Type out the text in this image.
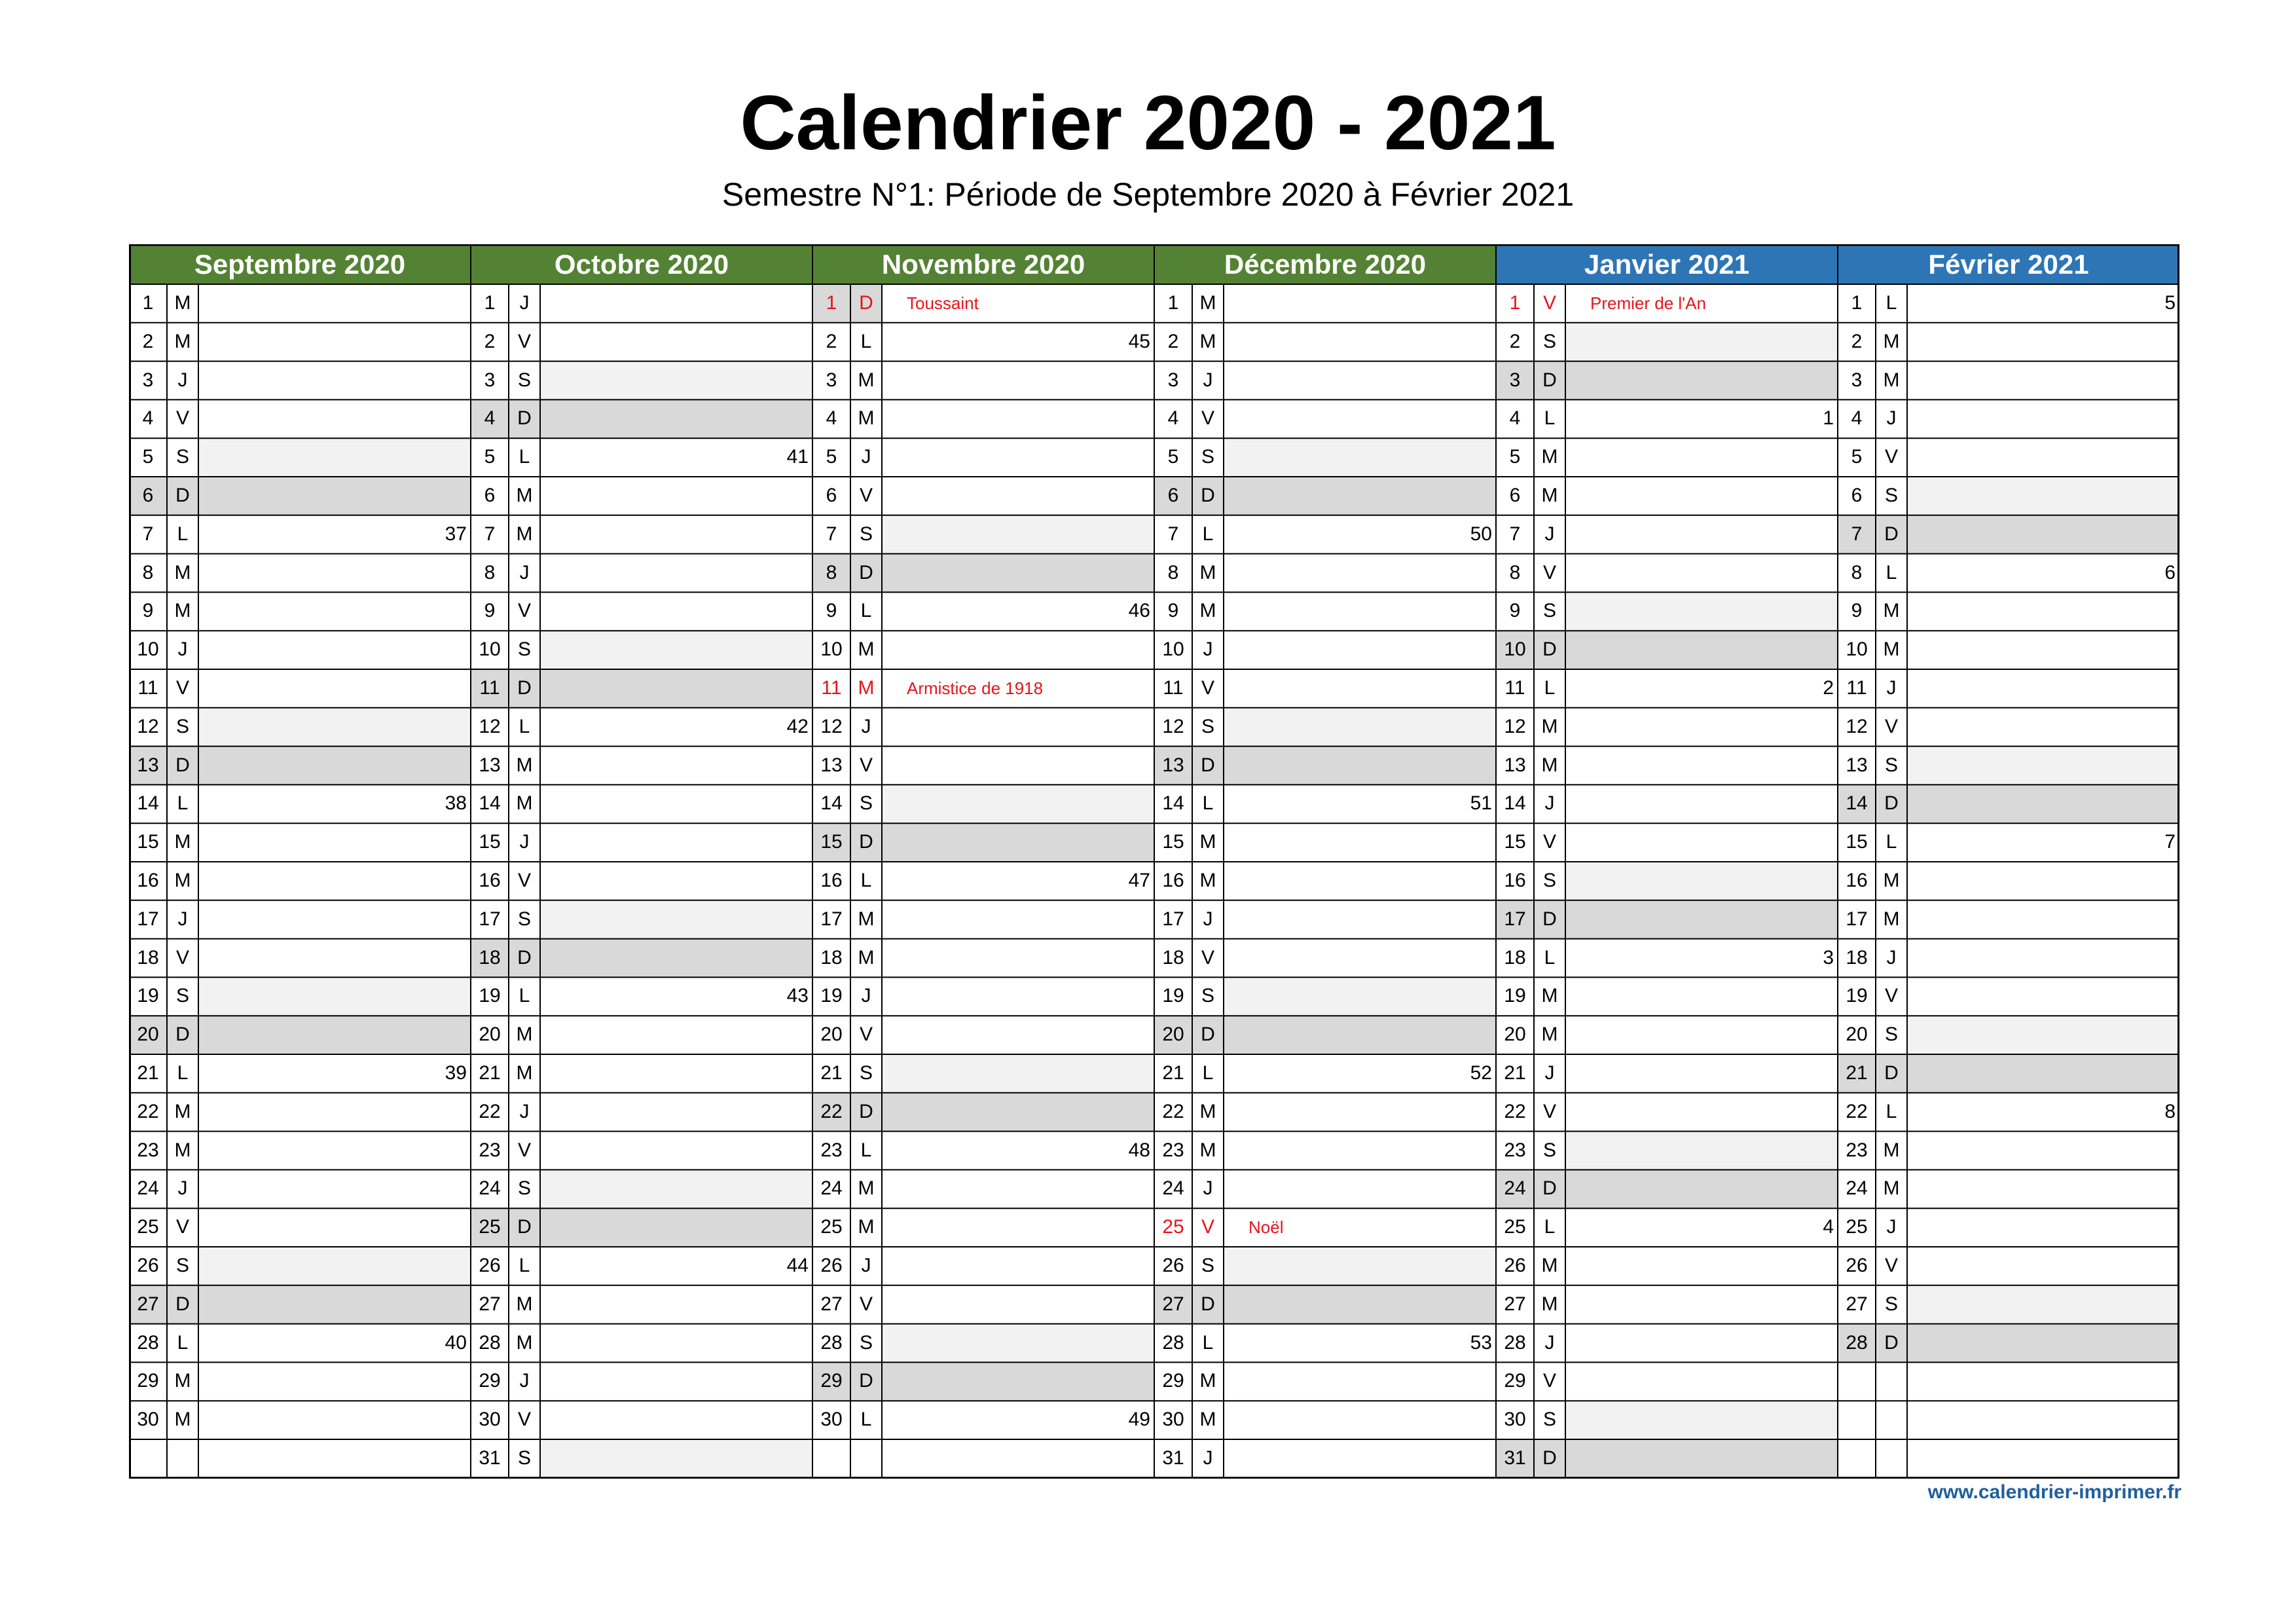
Calendrier 2020 - 2021
Semestre N°1: Période de Septembre 2020 à Février 2021
Septembre 2020
1	M
2	M
3	J
4	V
5	S
6	D
7	L	37
8	M
9	M
10 J
11 V
12 S
13 D
14 L	38
15 M
16 M
17 J
18 V
19 S
20 D
21 L	39
22 M
23 M
24 J
25 V
26 S
27 D
28 L	40
29 M
30 M
Octobre 2020
1	J
2	V
3	S
4	D
5	L	41
6	M
7	M
8	J
9	V
10 S
11 D
12 L	42
13 M
14 M
15 J
16 V
17 S
18 D
19 L	43
20 M
21 M
22 J
23 V
24 S
25 D
26 L	44
27 M
28 M
29 J
30 V
31 S
Novembre 2020
1	D	Toussaint
2	L	45
3	M
4	M
5	J
6	V
7	S
8	D
9	L	46
10 M
11 M	Armistice de 1918
12 J
13 V
14 S
15 D
16 L	47
17 M
18 M
19 J
20 V
21 S
22 D
23 L	48
24 M
25 M
26 J
27 V
28 S
29 D
30 L	49
Décembre 2020
1	M
2	M
3	J
4	V
5	S
6	D
7	L	50
8	M
9	M
10 J
11 V
12 S
13 D
14 L	51
15 M
16 M
17 J
18 V
19 S
20 D
21 L	52
22 M
23 M
24 J
25 V	Noël
26 S
27 D
28 L	53
29 M
30 M
31 J
Janvier 2021
1	V	Premier de l'An
2	S
3	D
4	L	1
5	M
6	M
7	J
8	V
9	S
10 D
11 L	2
12 M
13 M
14 J
15 V
16 S
17 D
18 L	3
19 M
20 M
21 J
22 V
23 S
24 D
25 L	4
26 M
27 M
28 J
29 V
30 S
31 D
Février 2021
1	L	5
2	M
3	M
4	J
5	V
6	S
7	D
8	L	6
9	M
10 M
11 J
12 V
13 S
14 D
15 L	7
16 M
17 M
18 J
19 V
20 S
21 D
22 L	8
23 M
24 M
25 J
26 V
27 S
28 D
www.calendrier-imprimer.fr
